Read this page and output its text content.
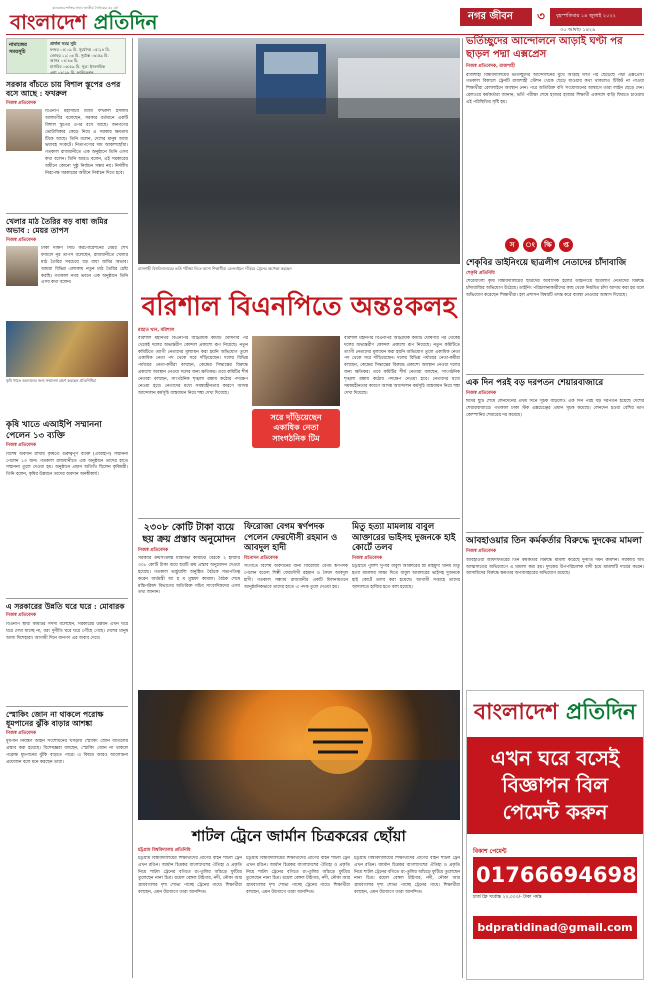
মানবতার শক্তির সাথে জাতীয় দৈনিকের ৩৫ বর্ষ
বাংলাদেশ প্রতিদিন	নগর জীবন	৩	বৃহস্পতিবার ১৪ জুলাই ২০২২
৩০ আষাঢ় ১৪২৯
নামাজের
সময়সূচি
প্রার্থনা সময় সূচি
ফজর ০৪:০৯ মি. সূর্যোদয় ০৫:২৪ মি.
জোহর ১২:০৬ মি. সূর্যাস্ত ০৬:৫৯ মি.
আসর ০৪:৪৩ মি.
মাগরিব ০৬:৫৯ মি. সূত্র: ইসলামিক
এশা ০৮:২৮ মি. ফাউন্ডেশন
সরকার বাঁচতে চায় বিশাল স্তূপের ওপর বসে আছে : ফখরুল
নিজস্ব প্রতিবেদক
বিএনপি মহাসচিব মির্জা ফখরুল ইসলাম আলমগীর বলেছেন, সরকার বর্তমানে একটি বিশাল স্তূপের ওপর বসে আছে। জনগণের ভোটাধিকার কেড়ে নিয়ে এ সরকার ক্ষমতায় টিকে আছে। তিনি বলেন, দেশের মানুষ আজ ভয়াবহ সংকটে। নিত্যপণ্যের দাম আকাশছোঁয়া। গতকাল রাজধানীতে এক অনুষ্ঠানে তিনি এসব কথা বলেন। তিনি আরও বলেন, এই সরকারের অধীনে কোনো সুষ্ঠু নির্বাচন সম্ভব নয়। নির্দলীয় নিরপেক্ষ সরকারের অধীনে নির্বাচন দিতে হবে।
খেলার মাঠ তৈরির বড় বাধা জমির অভাব : মেয়র তাপস
নিজস্ব প্রতিবেদক
ঢাকা দক্ষিণ সিটি করপোরেশনের মেয়র শেখ ফজলে নূর তাপস বলেছেন, রাজধানীতে খেলার মাঠ তৈরির সবচেয়ে বড় বাধা জমির অভাব। আমরা বিভিন্ন এলাকায় নতুন মাঠ তৈরির চেষ্টা করছি। গতকাল নগর ভবনে এক অনুষ্ঠানে তিনি এসব কথা বলেন।
কৃষি খাতে অবদানের জন্য সম্মাননা গ্রহণ করছেন প্রতিনিধিরা
কৃষি খাতে এআইপি সম্মাননা পেলেন ১৩ ব্যক্তি
নিজস্ব প্রতিবেদক
বিশেষ অবদান রাখায় কৃষিতে গুরুত্বপূর্ণ ব্যক্তি (এআইপি) সম্মাননা পেলেন ১৩ জন। গতকাল রাজধানীতে এক অনুষ্ঠানে তাদের হাতে সম্মাননা তুলে দেওয়া হয়। অনুষ্ঠানে প্রধান অতিথি ছিলেন কৃষিমন্ত্রী। তিনি বলেন, কৃষির উন্নয়নে তাদের অবদান অনস্বীকার্য।
এ সরকারের উন্নতি ঘরে ঘরে : মোবারক
নিজস্ব প্রতিবেদক
বিএনপি স্থায়ী কমিটির সদস্য বলেছেন, সরকারের উন্নয়ন এখন ঘরে ঘরে দেখা যাচ্ছে না, বরং দুর্নীতি ঘরে ঘরে পৌঁছে গেছে। দেশের মানুষ আজ দিশেহারা। আগামী দিনে জনগণ এর জবাব দেবে।
স্মোকিং জোন না থাকলে পরোক্ষ ধূমপানের ঝুঁকি বাড়ার আশঙ্কা
নিজস্ব প্রতিবেদক
ধূমপান নিয়ন্ত্রণ আইন সংশোধনের খসড়ায় স্মোকিং জোন বাতিলের প্রস্তাব করা হয়েছে। বিশেষজ্ঞরা বলছেন, স্মোকিং জোন না থাকলে পরোক্ষ ধূমপানের ঝুঁকি বাড়তে পারে। এ বিষয়ে আরও আলোচনা প্রয়োজন বলে মনে করছেন তারা।
রাজশাহী বিশ্ববিদ্যালয়ের ভর্তি পরীক্ষা দিতে আসা শিক্ষার্থীরা রেললাইনে দাঁড়িয়ে ট্রেনের অপেক্ষা করছেন
ভর্তিচ্ছুদের আন্দোলনে আড়াই ঘণ্টা পর ছাড়ল পদ্মা এক্সপ্রেস
নিজস্ব প্রতিবেদক, রাজশাহী
রাজশাহী বিশ্ববিদ্যালয়ের ভর্তিচ্ছুদের আন্দোলনের মুখে আড়াই ঘণ্টা পর ছেড়েছে পদ্মা এক্সপ্রেস। গতকাল বিকালে ট্রেনটি রাজশাহী স্টেশন থেকে ছেড়ে যাওয়ার কথা থাকলেও টিকিট না পাওয়া শিক্ষার্থীরা রেললাইনে অবস্থান নেন। পরে অতিরিক্ত বগি সংযোজনের আশ্বাসে তারা লাইন ছেড়ে দেন। রেলওয়ে কর্মকর্তারা জানান, ভর্তি পরীক্ষা শেষে হাজার হাজার শিক্ষার্থী একসঙ্গে বাড়ি ফিরতে চাওয়ায় এই পরিস্থিতির সৃষ্টি হয়।
স	ং	ক্ষি	প্ত
শেকৃবির ডাইনিংয়ে ছাত্রলীগ নেতাদের চাঁদাবাজি
শেকৃবি প্রতিনিধি
শেরেবাংলা কৃষি বিশ্ববিদ্যালয়ের ছাত্রদের আবাসিক হলের ডাইনিংয়ে ছাত্রলীগ নেতাদের বিরুদ্ধে চাঁদাবাজির অভিযোগ উঠেছে। ডাইনিং পরিচালনাকারীদের কাছ থেকে নিয়মিত চাঁদা আদায় করা হয় বলে অভিযোগ করেছেন শিক্ষার্থীরা। হল প্রশাসন বিষয়টি তদন্ত করে ব্যবস্থা নেওয়ার আশ্বাস দিয়েছে।
এক দিন পরই বড় দরপতন শেয়ারবাজারে
নিজস্ব প্রতিবেদক
ঈদের ছুটি শেষে লেনদেনের প্রথম দিনে সূচক বাড়লেও এক দিন পরই বড় দরপতন হয়েছে দেশের শেয়ারবাজারে। গতকাল ঢাকা স্টক এক্সচেঞ্জের প্রধান সূচক কমেছে। লেনদেন হওয়া বেশির ভাগ কোম্পানির শেয়ারের দর কমেছে।
আবহাওয়ার তিন কর্মকর্তার বিরুদ্ধে দুদকের মামলা
নিজস্ব প্রতিবেদক
আবহাওয়া অধিদফতরের তিন কর্মকর্তার বিরুদ্ধে মামলা করেছে দুর্নীতি দমন কমিশন। সরকারি অর্থ আত্মসাতের অভিযোগে এ মামলা করা হয়। দুদকের উপপরিচালক বাদী হয়ে মামলাটি দায়ের করেন। আসামিদের বিরুদ্ধে ক্ষমতার অপব্যবহারের অভিযোগ রয়েছে।
বরিশাল বিএনপিতে অন্তঃকলহ
রাহাত খান, বরিশাল
বরিশাল মহানগর বিএনপির আহ্বায়ক কমিটি ঘোষণার পর থেকেই দলের অভ্যন্তরীণ কোন্দল প্রকাশ্যে রূপ নিয়েছে। নতুন কমিটিতে ত্যাগী নেতাদের মূল্যায়ন করা হয়নি অভিযোগ তুলে একাধিক নেতা পদ থেকে সরে দাঁড়িয়েছেন। দলের বিভিন্ন পর্যায়ের নেতা-কর্মীরা বলছেন, কেন্দ্রের সিদ্ধান্তের বিরুদ্ধে প্রকাশ্যে অবস্থান নেওয়া দলের জন্য ক্ষতিকর। তবে কমিটির শীর্ষ নেতারা বলছেন, সাংগঠনিক শৃঙ্খলা রক্ষায় কঠোর পদক্ষেপ নেওয়া হবে। নেতাদের মধ্যে সমন্বয়হীনতার কারণে আসন্ন আন্দোলন কর্মসূচি বাস্তবায়ন নিয়ে শঙ্কা দেখা দিয়েছে।
সরে দাঁড়িয়েছেন একাধিক নেতা সাংগঠনিক টিম
বরিশাল মহানগর বিএনপির আহ্বায়ক কমিটি ঘোষণার পর থেকেই দলের অভ্যন্তরীণ কোন্দল প্রকাশ্যে রূপ নিয়েছে। নতুন কমিটিতে ত্যাগী নেতাদের মূল্যায়ন করা হয়নি অভিযোগ তুলে একাধিক নেতা পদ থেকে সরে দাঁড়িয়েছেন। দলের বিভিন্ন পর্যায়ের নেতা-কর্মীরা বলছেন, কেন্দ্রের সিদ্ধান্তের বিরুদ্ধে প্রকাশ্যে অবস্থান নেওয়া দলের জন্য ক্ষতিকর। তবে কমিটির শীর্ষ নেতারা বলছেন, সাংগঠনিক শৃঙ্খলা রক্ষায় কঠোর পদক্ষেপ নেওয়া হবে। নেতাদের মধ্যে সমন্বয়হীনতার কারণে আসন্ন আন্দোলন কর্মসূচি বাস্তবায়ন নিয়ে শঙ্কা দেখা দিয়েছে।
২৩০৮ কোটি টাকা ব্যয়ে ছয় ক্রয় প্রস্তাব অনুমোদন
নিজস্ব প্রতিবেদক
সরকারি ক্রয়সংক্রান্ত মন্ত্রিসভা কমিটির বৈঠকে ২ হাজার ৩০৮ কোটি টাকা ব্যয়ে ছয়টি ক্রয় প্রস্তাব অনুমোদন দেওয়া হয়েছে। গতকাল ভার্চুয়ালি অনুষ্ঠিত বৈঠকে সভাপতিত্ব করেন অর্থমন্ত্রী আ হ ম মুস্তফা কামাল। বৈঠক শেষে মন্ত্রিপরিষদ বিভাগের অতিরিক্ত সচিব সাংবাদিকদের এসব তথ্য জানান।
ফিরোজা বেগম স্বর্ণপদক পেলেন ফেরদৌসী রহমান ও আবদুল হাদী
বিনোদন প্রতিবেদক
সংগীতে বিশেষ অবদানের জন্য ফিরোজা বেগম স্বর্ণপদক পেলেন বরেণ্য শিল্পী ফেরদৌসী রহমান ও সৈয়দ আবদুল হাদী। গতকাল সন্ধ্যায় রাজধানীর একটি মিলনায়তনে আনুষ্ঠানিকভাবে তাদের হাতে এ পদক তুলে দেওয়া হয়।
মিতু হত্যা মামলায় বাবুল আক্তারের ভাইসহ দুজনকে হাই কোর্টে তলব
নিজস্ব প্রতিবেদক
চট্টগ্রামে পুলিশ সুপার বাবুল আক্তারের স্ত্রী মাহমুদা খানম মিতু হত্যা মামলায় সাক্ষ্য দিতে বাবুল আক্তারের ভাইসহ দুজনকে হাই কোর্টে তলব করা হয়েছে। আগামী সপ্তাহে তাদের আদালতে হাজির হতে বলা হয়েছে।
শাটল ট্রেনে জার্মান চিত্রকরের ছোঁয়া
চট্টগ্রাম বিশ্ববিদ্যালয় প্রতিনিধি
চট্টগ্রাম বিশ্ববিদ্যালয়ের শিক্ষার্থীদের প্রাণের বাহন শাটল ট্রেন এখন রঙিন। জার্মান চিত্রকর বাংলাদেশের ঐতিহ্য ও প্রকৃতি নিয়ে শাটল ট্রেনের বগিতে রং-তুলির আঁচড়ে ফুটিয়ে তুলেছেন নানা চিত্র। রয়েল বেঙ্গল টাইগার, নদী, নৌকা আর গ্রামবাংলার দৃশ্য শোভা পাচ্ছে ট্রেনের গায়ে। শিক্ষার্থীরা বলছেন, এমন উদ্যোগে তারা আনন্দিত।
চট্টগ্রাম বিশ্ববিদ্যালয়ের শিক্ষার্থীদের প্রাণের বাহন শাটল ট্রেন এখন রঙিন। জার্মান চিত্রকর বাংলাদেশের ঐতিহ্য ও প্রকৃতি নিয়ে শাটল ট্রেনের বগিতে রং-তুলির আঁচড়ে ফুটিয়ে তুলেছেন নানা চিত্র। রয়েল বেঙ্গল টাইগার, নদী, নৌকা আর গ্রামবাংলার দৃশ্য শোভা পাচ্ছে ট্রেনের গায়ে। শিক্ষার্থীরা বলছেন, এমন উদ্যোগে তারা আনন্দিত।
চট্টগ্রাম বিশ্ববিদ্যালয়ের শিক্ষার্থীদের প্রাণের বাহন শাটল ট্রেন এখন রঙিন। জার্মান চিত্রকর বাংলাদেশের ঐতিহ্য ও প্রকৃতি নিয়ে শাটল ট্রেনের বগিতে রং-তুলির আঁচড়ে ফুটিয়ে তুলেছেন নানা চিত্র। রয়েল বেঙ্গল টাইগার, নদী, নৌকা আর গ্রামবাংলার দৃশ্য শোভা পাচ্ছে ট্রেনের গায়ে। শিক্ষার্থীরা বলছেন, এমন উদ্যোগে তারা আনন্দিত।
বাংলাদেশ প্রতিদিন
এখন ঘরে বসেই
বিজ্ঞাপন বিল
পেমেন্ট করুন
বিকাশ পেমেন্ট
01766694698
চার্জ ফ্রি সর্বোচ্চ ২০,০০০/- টাকা পর্যন্ত
bdpratidinad@gmail.com
